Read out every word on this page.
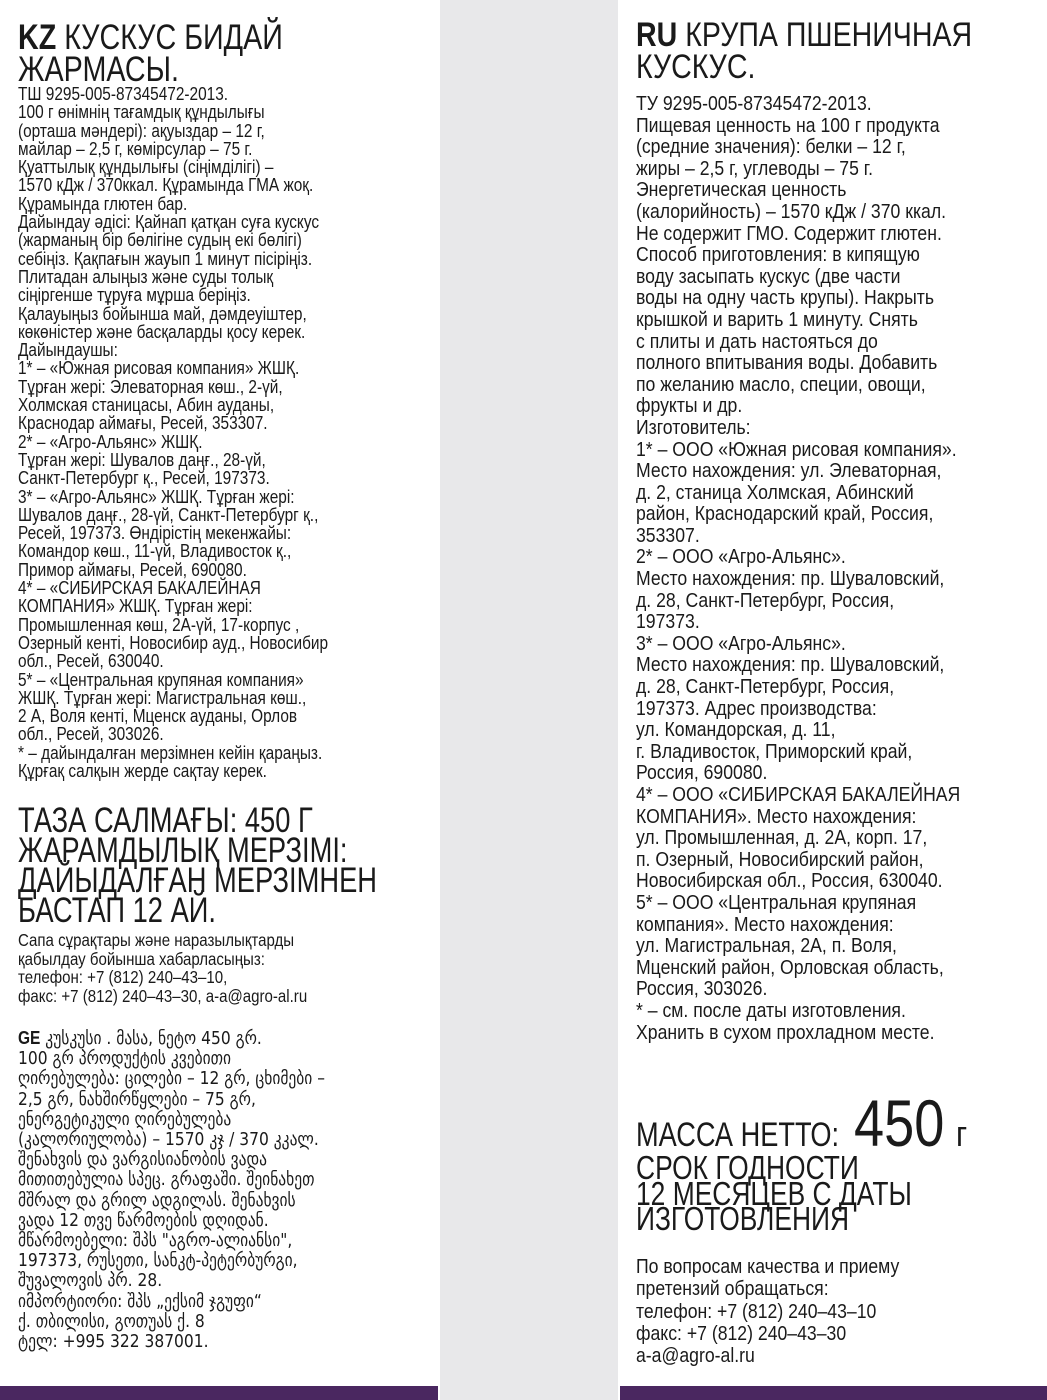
KZ КУСКУС БИДАЙ ЖАРМАСЫ.

ТШ 9295-005-87345472-2013.
100 г өнімнің тағамдық құндылығы
(орташа мәндері): ақуыздар – 12 г,
майлар – 2,5 г, көмірсулар – 75 г.
Қуаттылық құндылығы (сіңімділігі) –
1570 кДж / 370ккал. Құрамында ГМА жоқ.
Құрамында глютен бар.
Дайындау әдісі: Қайнап қатқан суға кускус
(жарманың бір бөлігіне судың екі бөлігі)
себіңіз. Қақпағын жауып 1 минут пісіріңіз.
Плитадан алыңыз және суды толық
сіңіргенше тұруға мұрша беріңіз.
Қалауыңыз бойынша май, дәмдеуіштер,
көкөністер және басқаларды қосу керек.
Дайындаушы:
1* – «Южная рисовая компания» ЖШҚ.
Тұрған жері: Элеваторная көш., 2-үй,
Холмская станицасы, Абин ауданы,
Краснодар аймағы, Ресей, 353307.
2* – «Агро-Альянс» ЖШҚ.
Тұрған жері: Шувалов даңғ., 28-үй,
Санкт-Петербург қ., Ресей, 197373.
3* – «Агро-Альянс» ЖШҚ. Тұрған жері:
Шувалов даңғ., 28-үй, Санкт-Петербург қ.,
Ресей, 197373. Өндірістің мекенжайы:
Командор көш., 11-үй, Владивосток қ.,
Примор аймағы, Ресей, 690080.
4* – «СИБИРСКАЯ БАКАЛЕЙНАЯ
КОМПАНИЯ» ЖШҚ. Тұрған жері:
Промышленная көш, 2А-үй, 17-корпус ,
Озерный кенті, Новосибир ауд., Новосибир
обл., Ресей, 630040.
5* – «Центральная крупяная компания»
ЖШҚ. Тұрған жері: Магистральная көш.,
2 А, Воля кенті, Мценск ауданы, Орлов
обл., Ресей, 303026.
* – дайындалған мерзімнен кейін қараңыз.
Құрғақ салқын жерде сақтау керек.

ТАЗА САЛМАҒЫ: 450 Г
ЖАРАМДЫЛЫҚ МЕРЗІМІ:
ДАЙЫДАЛҒАН МЕРЗІМНЕН
БАСТАП 12 АЙ.

Сапа сұрақтары және наразылықтарды
қабылдау бойынша хабарласыңыз:
телефон: +7 (812) 240–43–10,
факс: +7 (812) 240–43–30, a-a@agro-al.ru

GE კუსკუსი . მასა, ნეტო 450 გრ.
100 გრ პროდუქტის კვებითი
ღირებულება: ცილები – 12 გრ, ცხიმები –
2,5 გრ, ნახშირწყლები – 75 გრ,
ენერგეტიკული ღირებულება
(კალორიულობა) – 1570 კჯ / 370 კკალ.
შენახვის და ვარგისიანობის ვადა
მითითებულია სპეც. გრაფაში. შეინახეთ
მშრალ და გრილ ადგილას. შენახვის
ვადა 12 თვე წარმოების დღიდან.
მწარმოებელი: შპს "აგრო-ალიანსი",
197373, რუსეთი, სანკტ-პეტერბურგი,
შუვალოვის პრ. 28.
იმპორტიორი: შპს „ექსიმ ჯგუფი“
ქ. თბილისი, გოთუას ქ. 8
ტელ: +995 322 387001.

RU КРУПА ПШЕНИЧНАЯ КУСКУС.

ТУ 9295-005-87345472-2013.
Пищевая ценность на 100 г продукта
(средние значения): белки – 12 г,
жиры – 2,5 г, углеводы – 75 г.
Энергетическая ценность
(калорийность) – 1570 кДж / 370 ккал.
Не содержит ГМО. Содержит глютен.
Способ приготовления: в кипящую
воду засыпать кускус (две части
воды на одну часть крупы). Накрыть
крышкой и варить 1 минуту. Снять
с плиты и дать настояться до
полного впитывания воды. Добавить
по желанию масло, специи, овощи,
фрукты и др.
Изготовитель:
1* – ООО «Южная рисовая компания».
Место нахождения: ул. Элеваторная,
д. 2, станица Холмская, Абинский
район, Краснодарский край, Россия,
353307.
2* – ООО «Агро-Альянс».
Место нахождения: пр. Шуваловский,
д. 28, Санкт-Петербург, Россия,
197373.
3* – ООО «Агро-Альянс».
Место нахождения: пр. Шуваловский,
д. 28, Санкт-Петербург, Россия,
197373. Адрес производства:
ул. Командорская, д. 11,
г. Владивосток, Приморский край,
Россия, 690080.
4* – ООО «СИБИРСКАЯ БАКАЛЕЙНАЯ
КОМПАНИЯ». Место нахождения:
ул. Промышленная, д. 2А, корп. 17,
п. Озерный, Новосибирский район,
Новосибирская обл., Россия, 630040.
5* – ООО «Центральная крупяная
компания». Место нахождения:
ул. Магистральная, 2А, п. Воля,
Мценский район, Орловская область,
Россия, 303026.
* – см. после даты изготовления.
Хранить в сухом прохладном месте.

МАССА НЕТТО: 450 г

СРОК ГОДНОСТИ
12 МЕСЯЦЕВ С ДАТЫ
ИЗГОТОВЛЕНИЯ

По вопросам качества и приему
претензий обращаться:
телефон: +7 (812) 240–43–10
факс: +7 (812) 240–43–30
a-a@agro-al.ru
